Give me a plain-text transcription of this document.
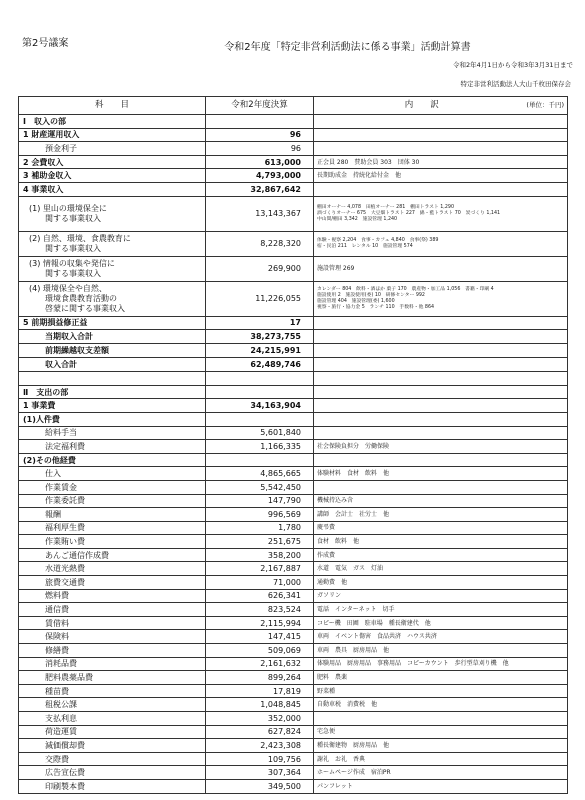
第2号議案	令和2年度「特定非営利活動法に係る事業」活動計算書
令和2年4月1日から令和3年3月31日まで
特定非営利活動法人大山千枚田保存会
科　　目	令和2年度決算	内　　訳 (単位：千円)

Ⅰ　収入の部		
1 財産運用収入	96	
預金利子	96	
2 会費収入	613,000	正会員 280　賛助会員 303　団体 30
3 補助金収入	4,793,000	長期助成金　持続化給付金　他
4 事業収入	32,867,642	
(1) 里山の環境保全に
　　関する事業収入	13,143,367	棚田オーナー 4,078　田植オーナー 281　棚田トラスト 1,290
酒づくりオーナー 675　大豆畑トラスト 227　綿・藍トラスト 70　炭づくり 1,141
中山間/棚田 3,342　施設管理 1,240
(2) 自然、環境、食農教育に
　　関する事業収入	8,228,320	体験・視察 2,204　食事・カフェ 4,840　食事(祭) 389
宿・民泊 211　レンタル 10　施設管理 574
(3) 情報の収集や発信に
　　関する事業収入	269,900	施設管理 269
(4) 環境保全や自然、
　　環境食農教育活動の
　　啓蒙に関する事業収入	11,226,055	カレンダー 804　飲料・酒ほか 菓子 170　農産物・加工品 1,056　書籍・印刷 4
施設使用 2　施設使用(委) 10　研修センター 992
施設管理 404　施設管理(委) 1,600
視察・旅行・協力金 5　ランチ 110　手数料・他 864
5 前期損益修正益	17	
当期収入合計	38,273,755	
前期繰越収支差額	24,215,991	
収入合計	62,489,746	

Ⅱ　支出の部		
1 事業費	34,163,904	
(1)人件費		
給料手当	5,601,840	
法定福利費	1,166,335	社会保険負担分　労働保険
(2)その他経費		
仕入	4,865,665	体験材料　食材　飲料　他
作業賃金	5,542,450	
作業委託費	147,790	機械持込み含
報酬	996,569	講師　会計士　社労士　他
福利厚生費	1,780	慶弔費
作業賄い費	251,675	食材　飲料　他
あんご通信作成費	358,200	作成費
水道光熱費	2,167,887	水道　電気　ガス　灯油
旅費交通費	71,000	通勤費　他
燃料費	626,341	ガソリン
通信費	823,524	電話　インターネット　切手
賃借料	2,115,994	コピー機　田圃　駐車場　種長衛建代　他
保険料	147,415	車両　イベント傷害　食品共済　ハウス共済
修繕費	509,069	車両　農具　厨房用品　他
消耗品費	2,161,632	体験用品　厨房用品　事務用品　コピーカウント　歩行型草刈り機　他
肥料農薬品費	899,264	肥料　農薬
種苗費	17,819	野菜種
租税公課	1,048,845	自動車税　消費税　他
支払利息	352,000	
荷造運賃	627,824	宅急便
減価償却費	2,423,308	種長衛建物　厨房用品　他
交際費	109,756	謝礼　お礼　香典
広告宣伝費	307,364	ホームページ作成　宿泊PR
印刷製本費	349,500	パンフレット
